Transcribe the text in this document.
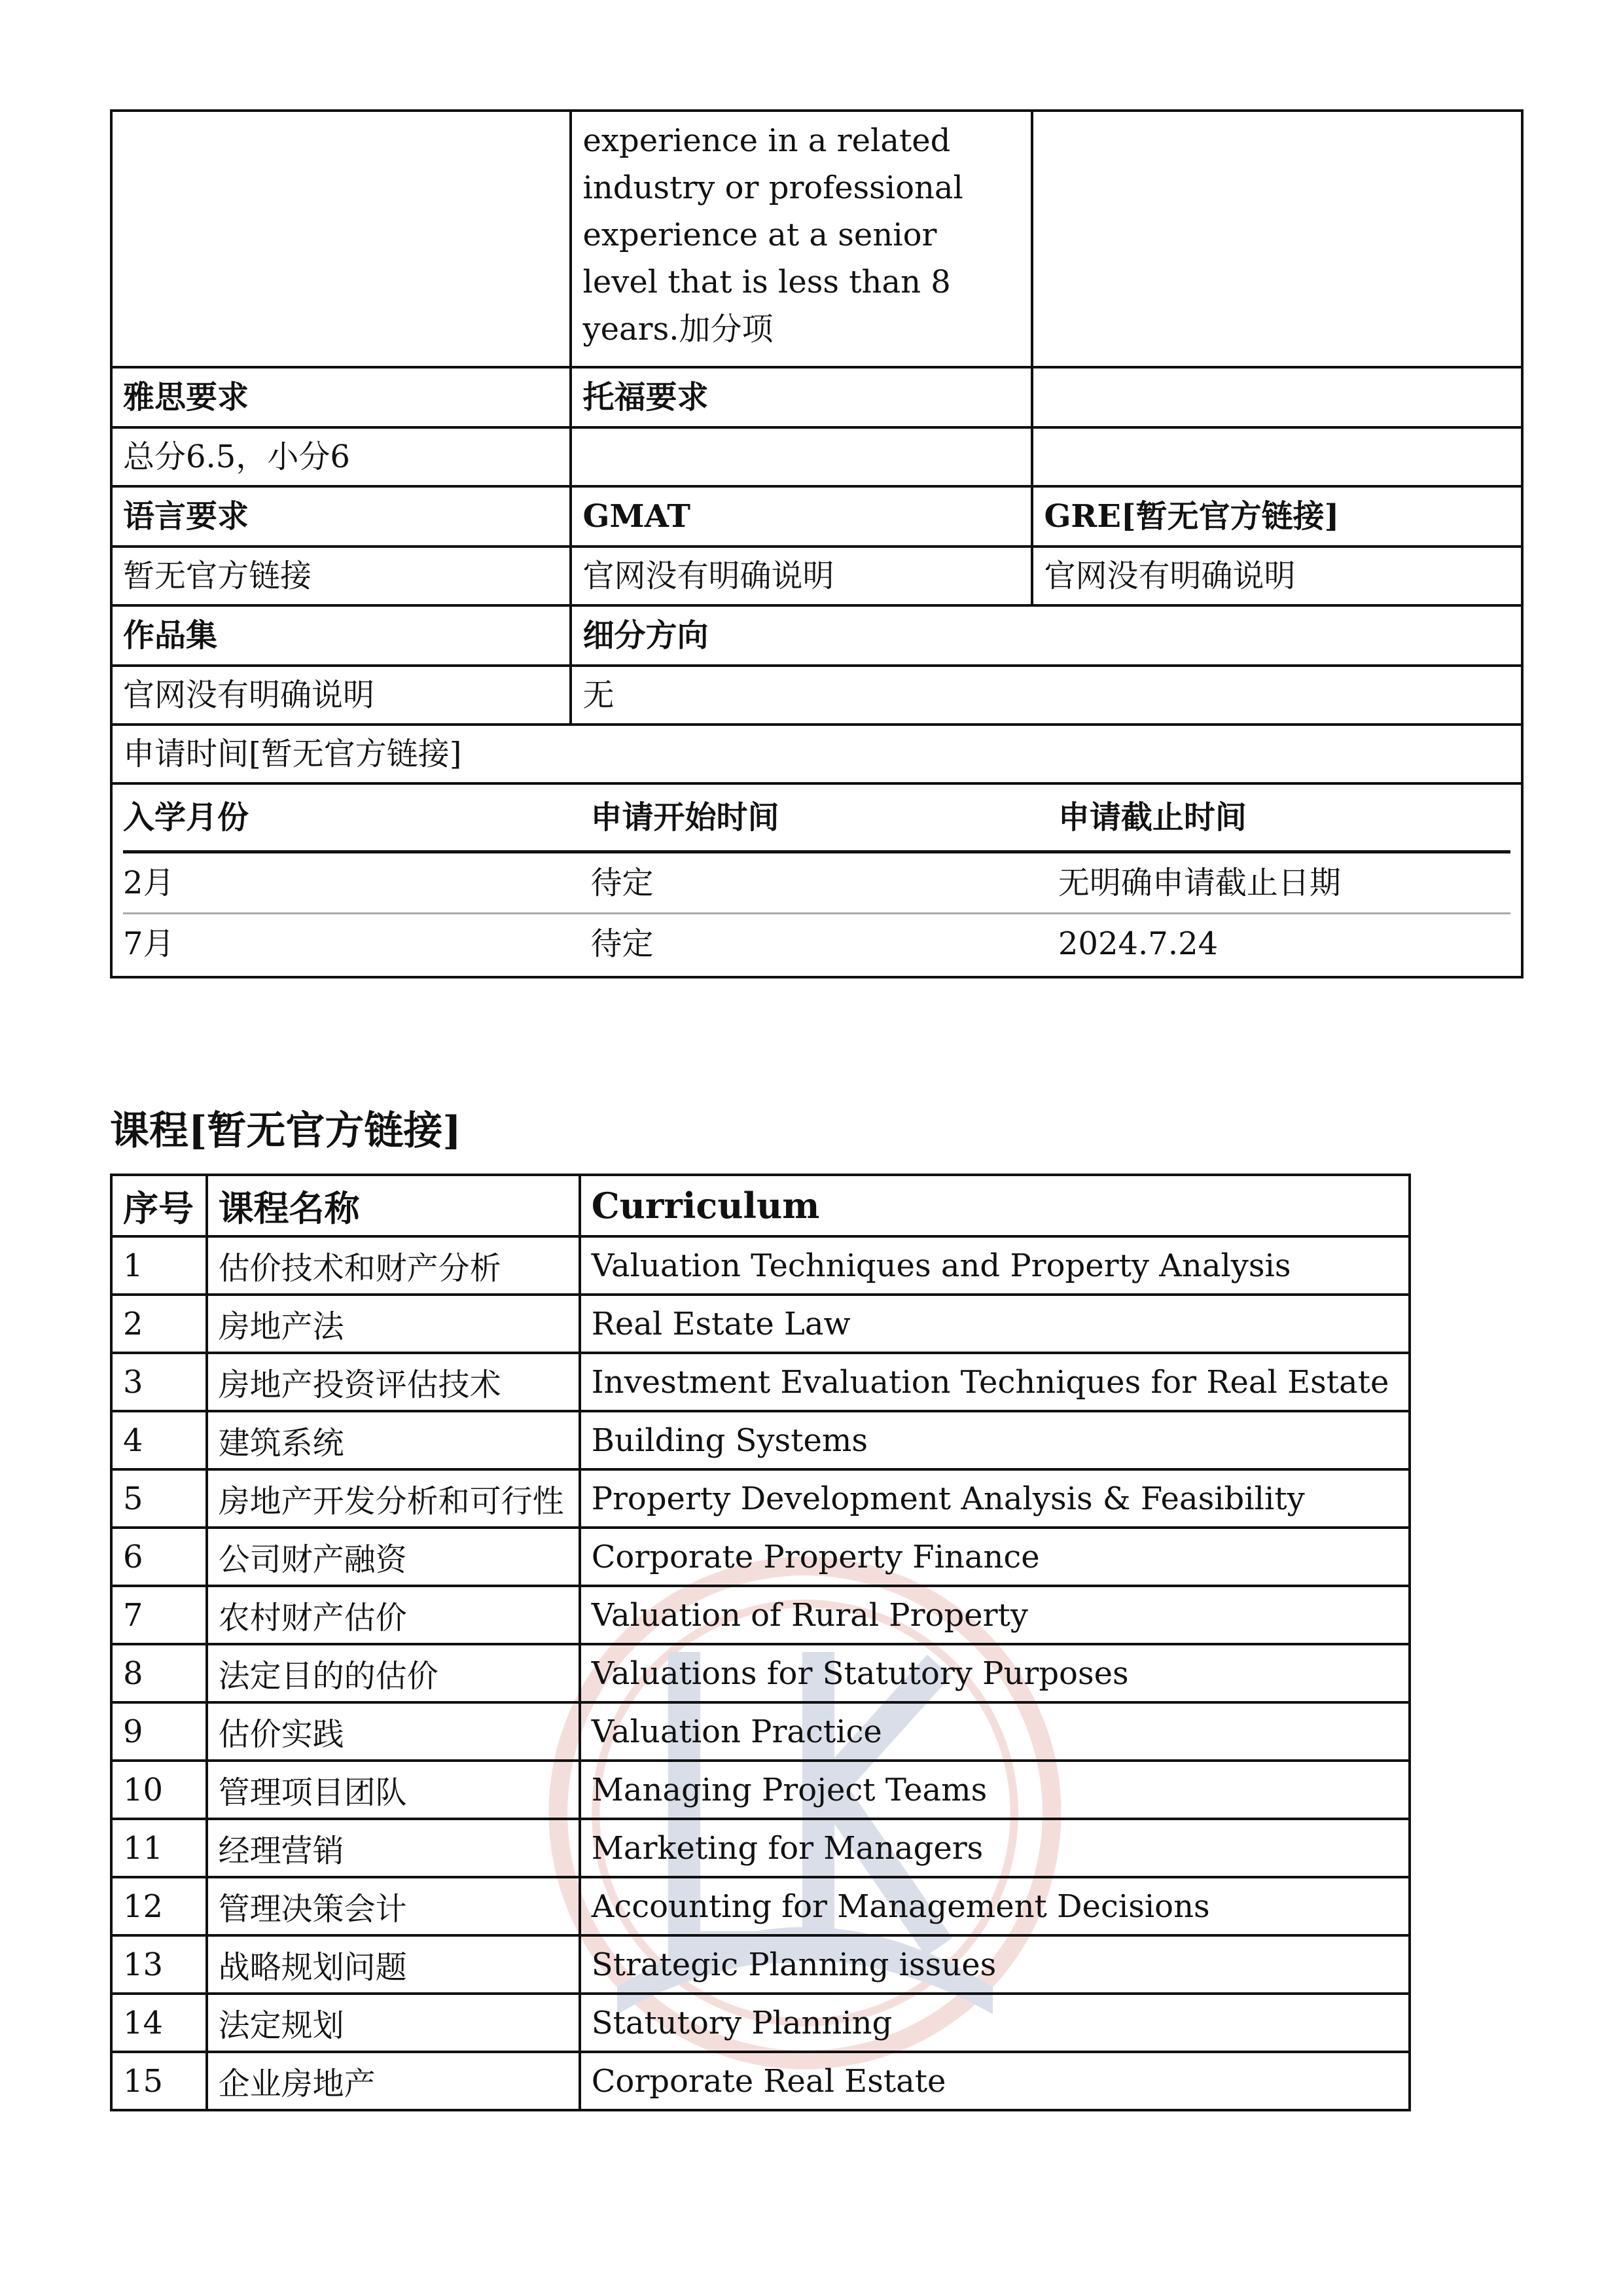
	experience in a related industry or professional experience at a senior level that is less than 8 years.加分项	
雅思要求	托福要求	
总分6.5，小分6		
语言要求	GMAT	GRE[暂无官方链接]
暂无官方链接	官网没有明确说明	官网没有明确说明
作品集	细分方向
官网没有明确说明	无
申请时间[暂无官方链接]

入学月份	申请开始时间	申请截止时间
2月	待定	无明确申请截止日期
7月	待定	2024.7.24
课程[暂无官方链接]
序号	课程名称	Curriculum
1	估价技术和财产分析	Valuation Techniques and Property Analysis
2	房地产法	Real Estate Law
3	房地产投资评估技术	Investment Evaluation Techniques for Real Estate
4	建筑系统	Building Systems
5	房地产开发分析和可行性	Property Development Analysis & Feasibility
6	公司财产融资	Corporate Property Finance
7	农村财产估价	Valuation of Rural Property
8	法定目的的估价	Valuations for Statutory Purposes
9	估价实践	Valuation Practice
10	管理项目团队	Managing Project Teams
11	经理营销	Marketing for Managers
12	管理决策会计	Accounting for Management Decisions
13	战略规划问题	Strategic Planning issues
14	法定规划	Statutory Planning
15	企业房地产	Corporate Real Estate
